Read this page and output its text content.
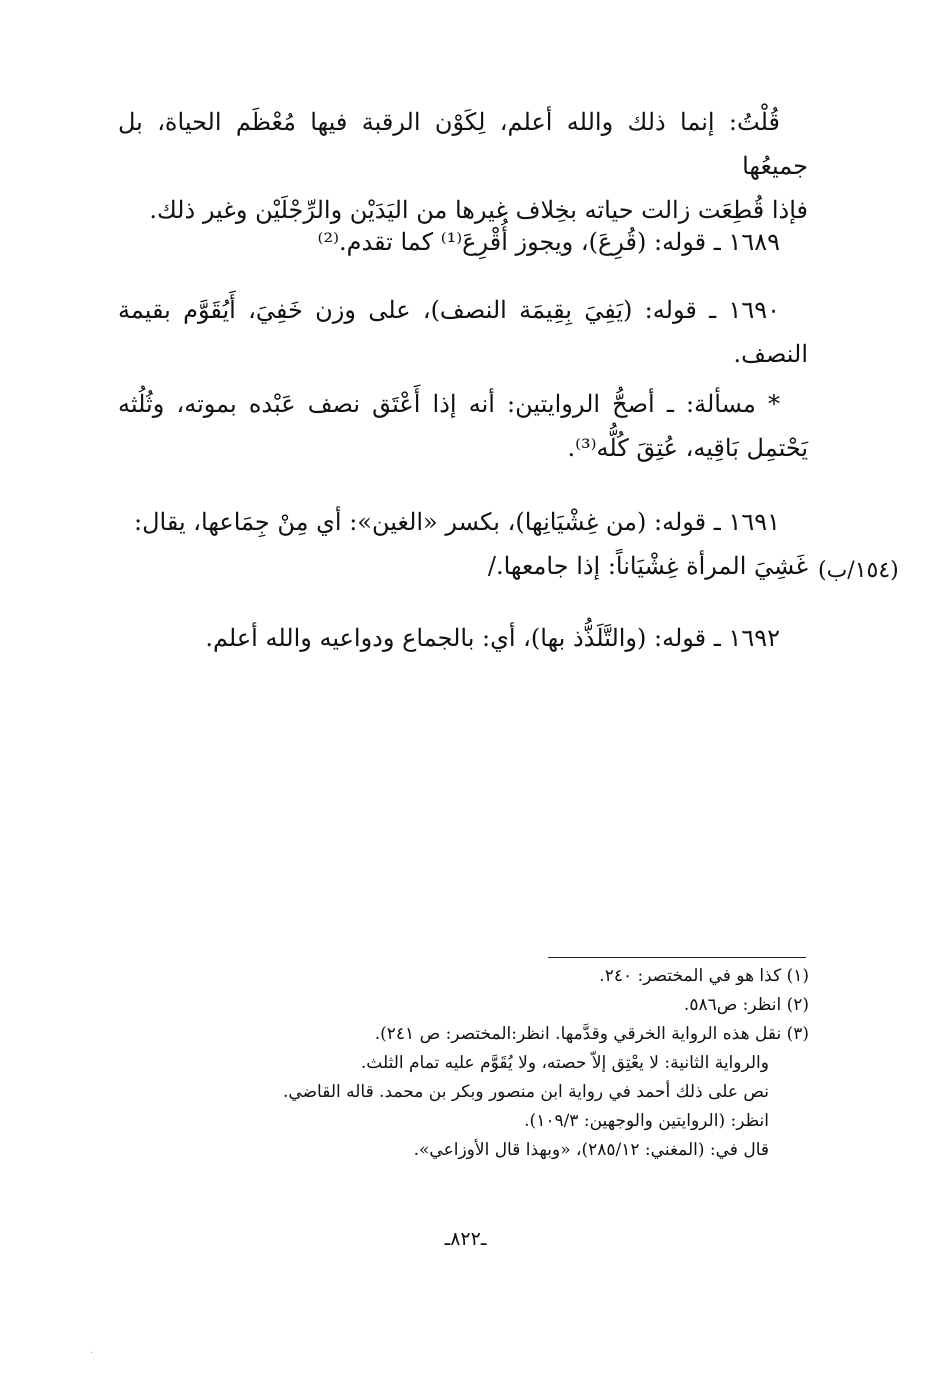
قُلْتُ: إنما ذلك والله أعلم، لِكَوْن الرقبة فيها مُعْظَم الحياة، بل جميعُها

فإذا قُطِعَت زالت حياته بخِلاف غيرها من اليَدَيْن والرِّجْلَيْن وغير ذلك.

١٦٨٩ ـ قوله: (قُرِعَ)، ويجوز أُقْرِعَ⁽¹⁾ كما تقدم.⁽²⁾

١٦٩٠ ـ قوله: (يَفِيَ بِقِيمَة النصف)، على وزن خَفِيَ، أَيُقَوَّم بقيمة النصف.

* مسألة: ـ أصحُّ الروايتين: أنه إذا أَعْتَق نصف عَبْده بموته، وثُلُثه يَحْتمِل بَاقِيه، عُتِقَ كُلُّه⁽³⁾.

١٦٩١ ـ قوله: (من غِشْيَانِها)، بكسر «الغين»: أي مِنْ جِمَاعها، يقال:

غَشِيَ المرأة غِشْيَاناً: إذا جامعها./ (١٥٤/ب)

١٦٩٢ ـ قوله: (والتَّلَذُّذ بها)، أي: بالجماع ودواعيه والله أعلم.

(١) كذا هو في المختصر: ٢٤٠.

(٢) انظر: ص٥٨٦.

(٣) نقل هذه الرواية الخرقي وقدَّمها. انظر:المختصر: ص ٢٤١).

والرواية الثانية: لا يعْتِق إلاّ حصته، ولا يُقَوَّم عليه تمام الثلث.

نص على ذلك أحمد في رواية ابن منصور وبكر بن محمد. قاله القاضي.

انظر: (الروايتين والوجهين: ١٠٩/٣).

قال في: (المغني: ٢٨٥/١٢)، «وبهذا قال الأوزاعي».

ـ٨٢٢ـ
·
